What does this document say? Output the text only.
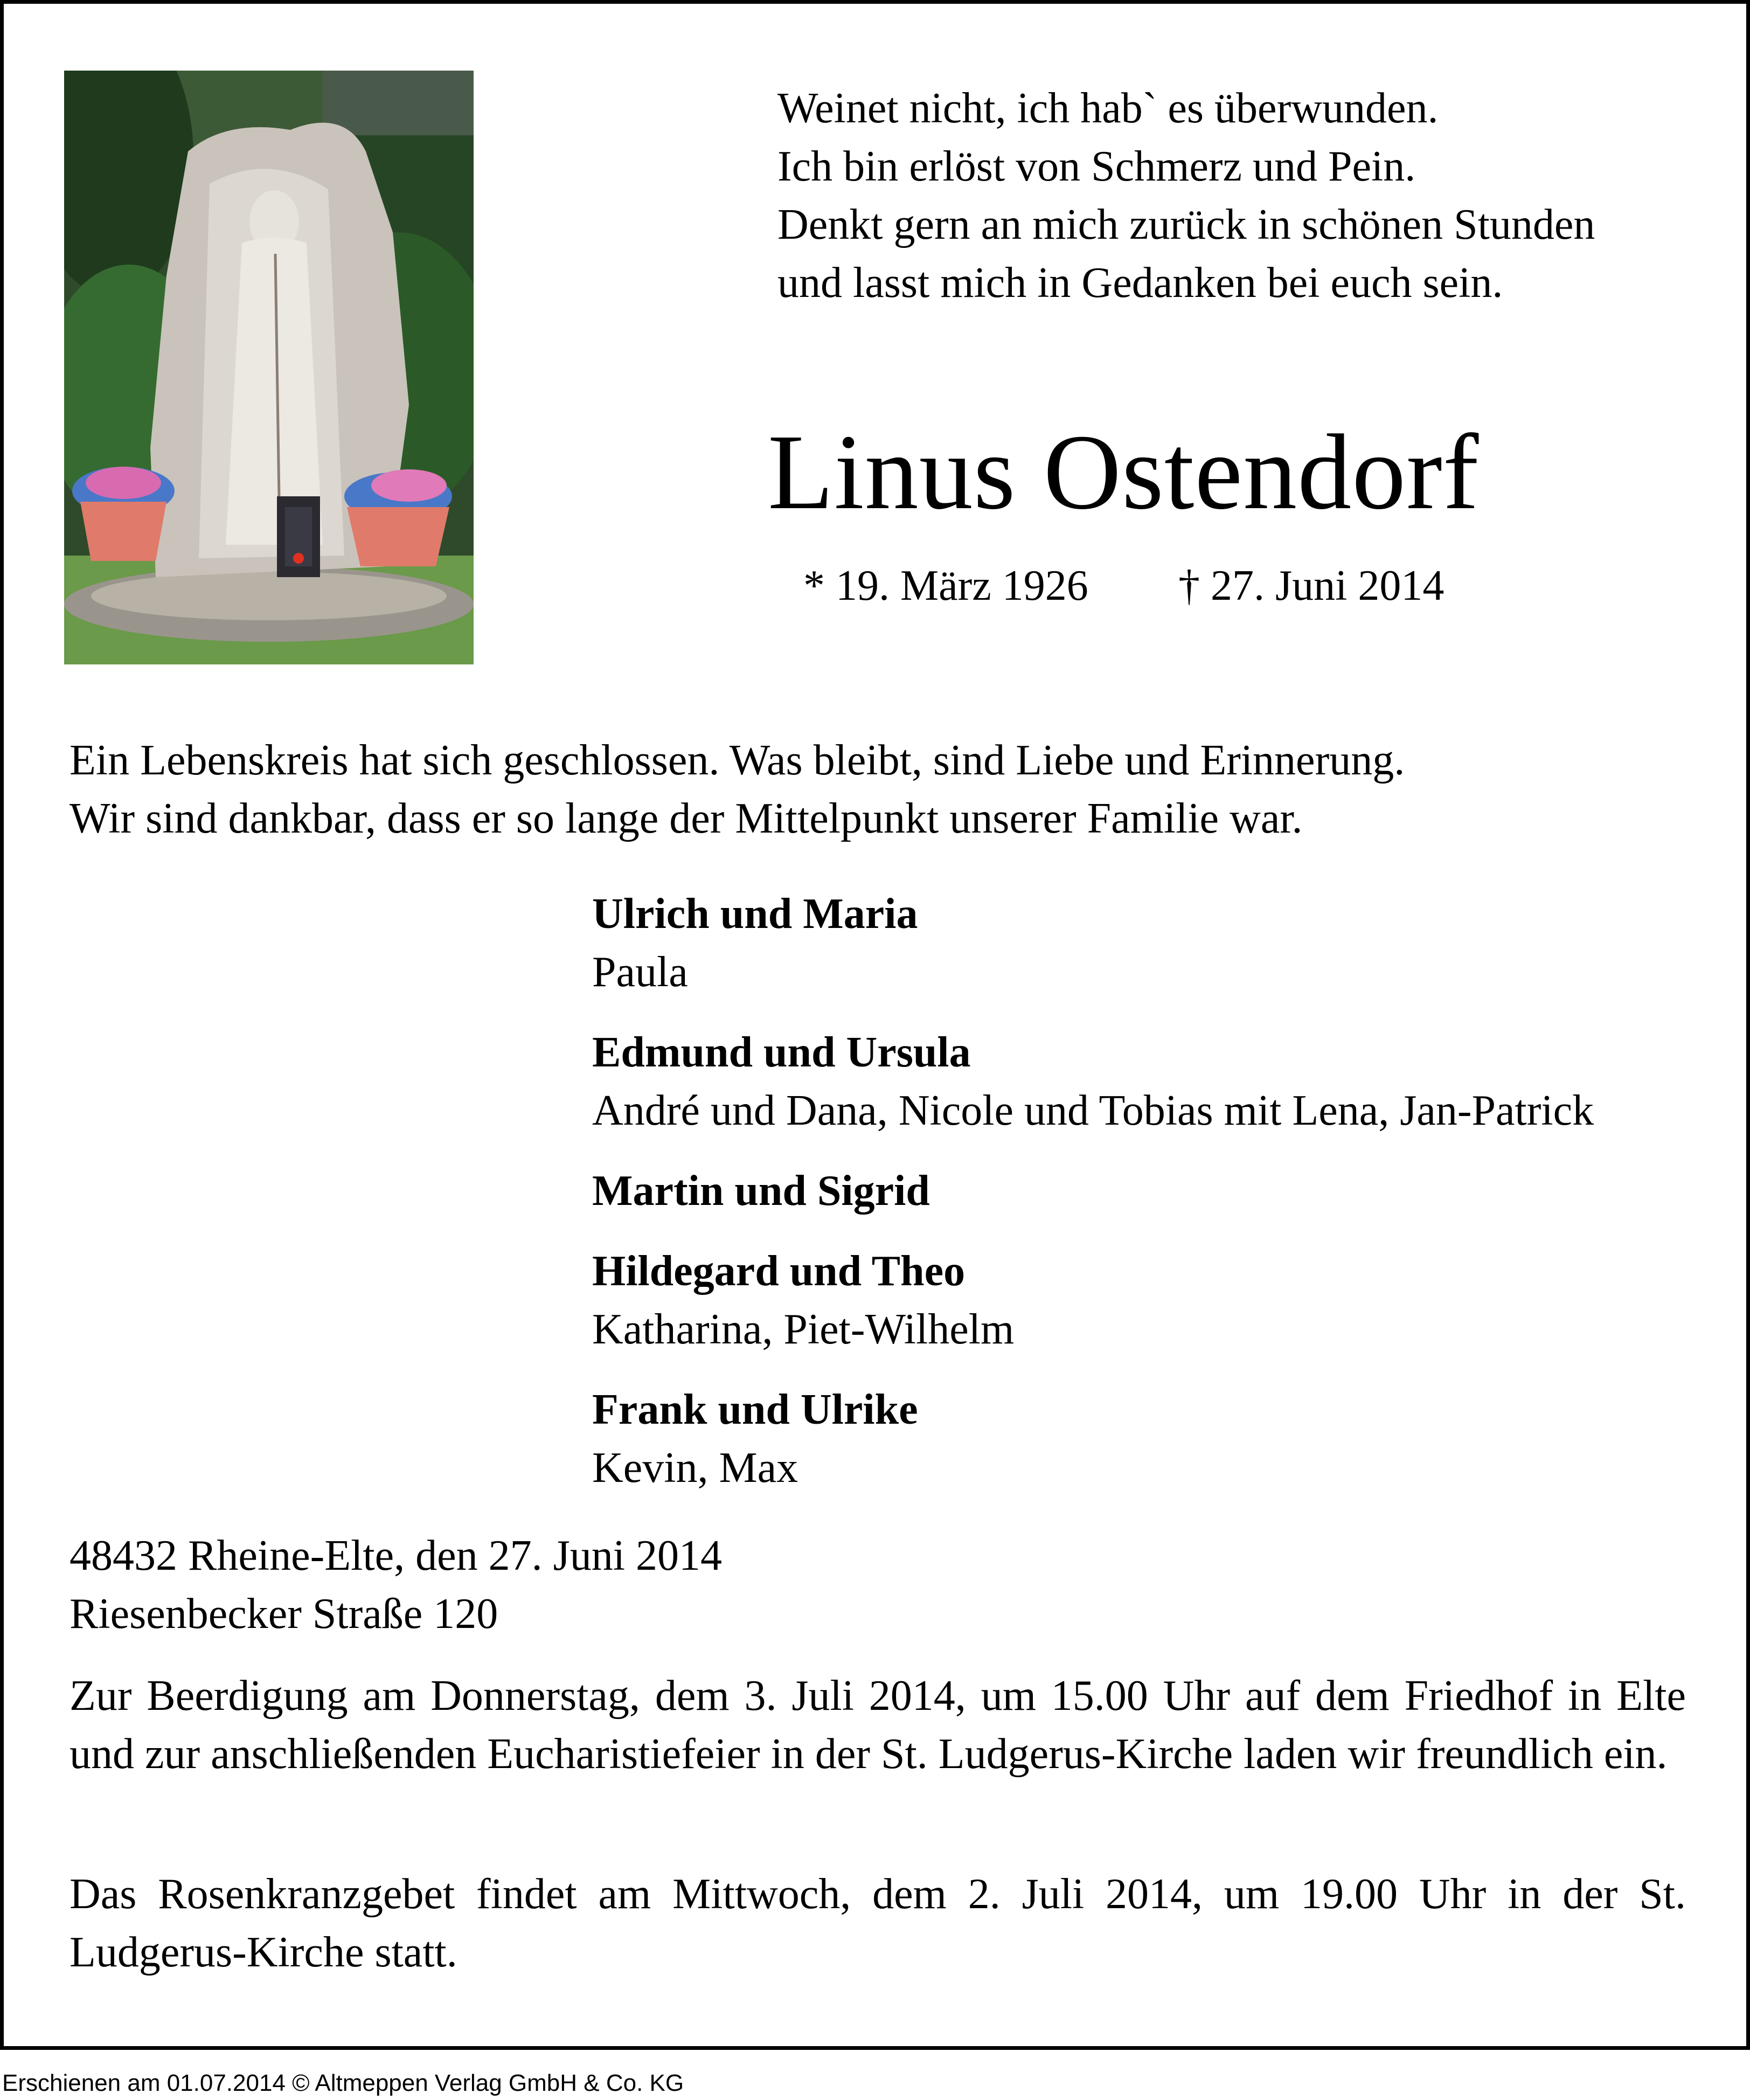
Weinet nicht, ich hab` es überwunden.
Ich bin erlöst von Schmerz und Pein.
Denkt gern an mich zurück in schönen Stunden
und lasst mich in Gedanken bei euch sein.
Linus Ostendorf
* 19. März 1926 † 27. Juni 2014
Ein Lebenskreis hat sich geschlossen. Was bleibt, sind Liebe und Erinnerung.
Wir sind dankbar, dass er so lange der Mittelpunkt unserer Familie war.
Ulrich und Maria
Paula
Edmund und Ursula
André und Dana, Nicole und Tobias mit Lena, Jan-Patrick
Martin und Sigrid
Hildegard und Theo
Katharina, Piet-Wilhelm
Frank und Ulrike
Kevin, Max
48432 Rheine-Elte, den 27. Juni 2014
Riesenbecker Straße 120
Zur Beerdigung am Donnerstag, dem 3. Juli 2014, um 15.00 Uhr auf dem Friedhof in Elte und zur anschließenden Eucharistiefeier in der St. Ludgerus-Kirche laden wir freundlich ein.
Das Rosenkranzgebet findet am Mittwoch, dem 2. Juli 2014, um 19.00 Uhr in der St. Ludgerus-Kirche statt.
Erschienen am 01.07.2014 © Altmeppen Verlag GmbH & Co. KG
